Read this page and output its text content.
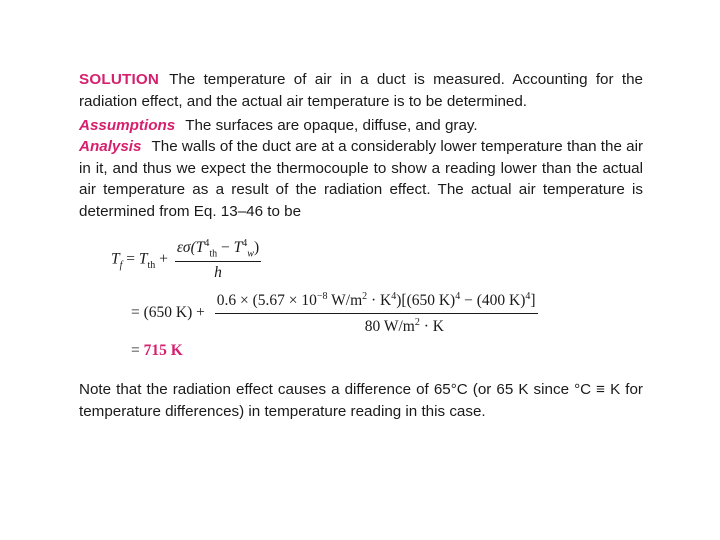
SOLUTION The temperature of air in a duct is measured. Accounting for the radiation effect, and the actual air temperature is to be determined.

Assumptions The surfaces are opaque, diffuse, and gray.

Analysis The walls of the duct are at a considerably lower temperature than the air in it, and thus we expect the thermocouple to show a reading lower than the actual air temperature as a result of the radiation effect. The actual air temperature is determined from Eq. 13–46 to be

$T_f = T_{th} + \frac{\varepsilon\sigma(T^4_{th} - T^4_w)}{h}$
= (650 $K) + \frac{0.6 \times (5.67 \times 10^{-8} W/m^2 \cdot K^4)[(650 K)^4 - (400 K)^4]}{80 W/m^2 \cdot K}$
= 715 K

Note that the radiation effect causes a difference of 65°C (or 65 K since °C ≡ K for temperature differences) in temperature reading in this case.
